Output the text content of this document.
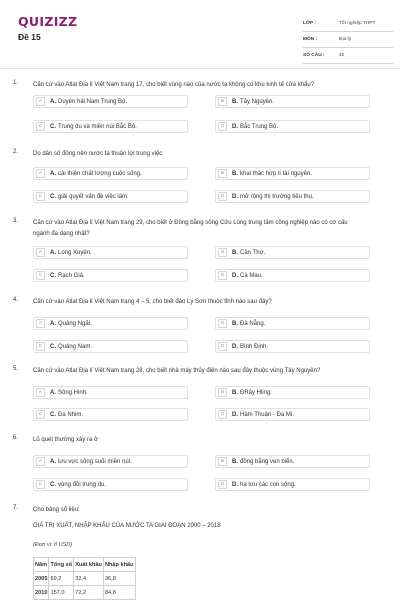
QUIZIZZ
Đề 15
LỚP :	Tốt nghiệp THPT
MÔN :	Địa lý
SỐ CÂU :	40
1. Căn cứ vào Atlat Địa lí Việt Nam trang 17, cho biết vùng nào của nước ta không có khu kinh tế cửa khẩu?
A	A. Duyên hải Nam Trung Bộ.	B	B. Tây Nguyên.
C	C. Trung du và miền núi Bắc Bộ.	D	D. Bắc Trung Bộ.
2. Do dân số đông nên nước ta thuận lợi trong việc
A	A. cải thiện chất lượng cuộc sống.	B	B. khai thác hợp lí tài nguyên.
C	C. giải quyết vấn đề việc làm.	D	D. mở rộng thị trường tiêu thụ.
3. Căn cứ vào Atlat Địa lí Việt Nam trang 29, cho biết ở Đồng bằng sông Cửu Long trung tâm công nghiệp nào có cơ cấu ngành đa dạng nhất?
A	A. Long Xuyên.	B	B. Cần Thơ.
C	C. Rạch Giá.	D	D. Cà Mau.
4. Căn cứ vào Atlat Địa lí Việt Nam trang 4 – 5, cho biết đảo Lý Sơn thuộc tỉnh nào sau đây?
A	A. Quảng Ngãi.	B	B. Đà Nẵng.
C	C. Quảng Nam.	D	D. Bình Định.
5. Căn cứ vào Atlat Địa lí Việt Nam trang 28, cho biết nhà máy thủy điện nào sau đây thuộc vùng Tây Nguyên?
A	A. Sông Hinh.	B	B. ĐRây Hling.
C	C. Đa Nhim.	D	D. Hàm Thuận - Đa Mi.
6. Lũ quét thường xảy ra ở
A	A. lưu vực sông suối miền núi.	B	B. đồng bằng ven biển.
C	C. vùng đồi trung du.	D	D. hạ lưu các con sông.
7. Cho bảng số liệu:
GIÁ TRỊ XUẤT, NHẬP KHẨU CỦA NƯỚC TA GIAI ĐOẠN 2000 – 2018
(Đơn vị: tỉ USD)
Năm	Tổng số	Xuất khẩu	Nhập khẩu
2005	69,2	32,4	36,8
2010	157,0	72,2	84,8
